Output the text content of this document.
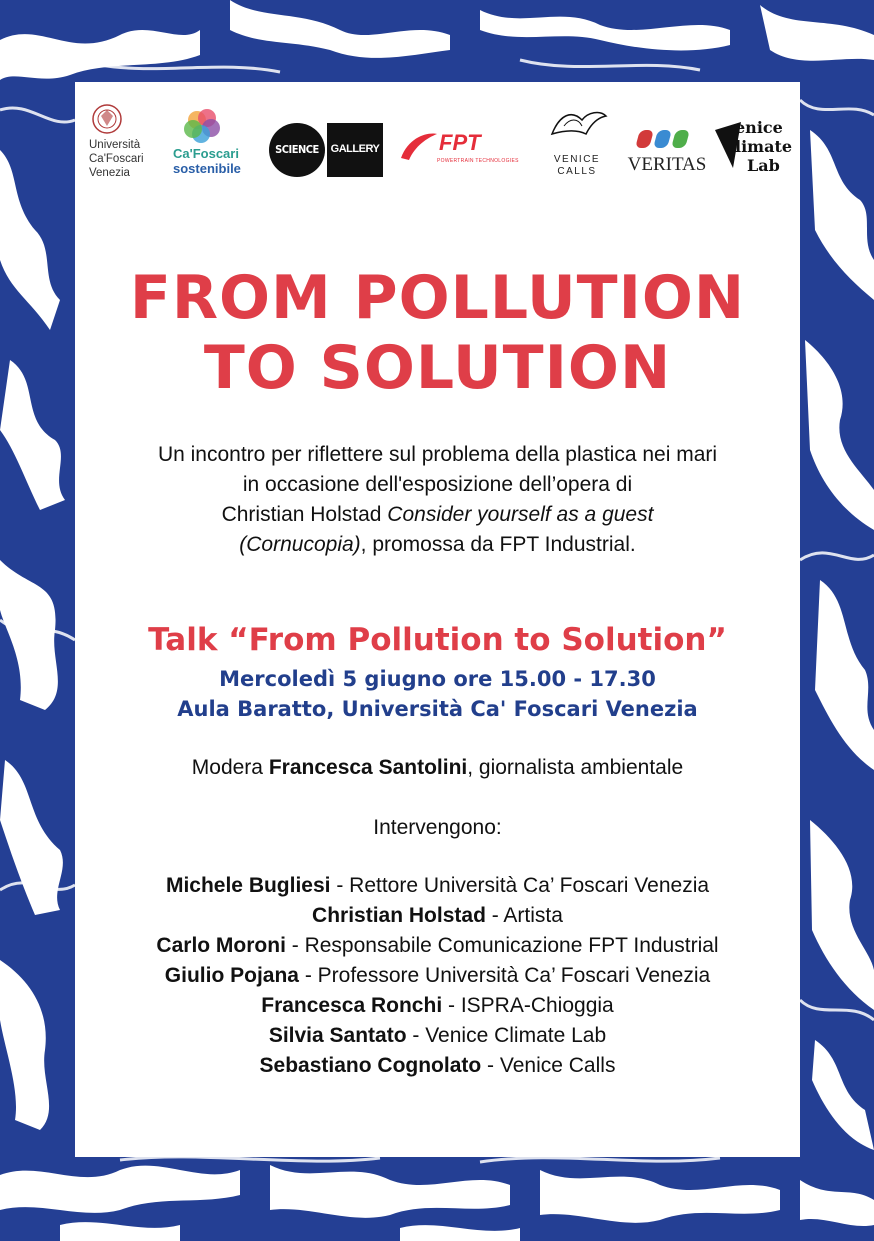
Università
Ca'Foscari
Venezia
Ca'Foscari
sostenibile
SCIENCE	GALLERY	FPT
POWERTRAIN TECHNOLOGIES	VENICE
CALLS	VERITAS
enice
limate
Lab
FROM POLLUTION
TO SOLUTION
Un incontro per riflettere sul problema della plastica nei mari
in occasione dell'esposizione dell’opera di
Christian Holstad Consider yourself as a guest
(Cornucopia), promossa da FPT Industrial.
Talk “From Pollution to Solution”
Mercoledì 5 giugno ore 15.00 - 17.30
Aula Baratto, Università Ca' Foscari Venezia
Modera Francesca Santolini, giornalista ambientale
Intervengono:
Michele Bugliesi - Rettore Università Ca’ Foscari Venezia
Christian Holstad - Artista
Carlo Moroni - Responsabile Comunicazione FPT Industrial
Giulio Pojana - Professore Università Ca’ Foscari Venezia
Francesca Ronchi - ISPRA-Chioggia
Silvia Santato - Venice Climate Lab
Sebastiano Cognolato - Venice Calls
